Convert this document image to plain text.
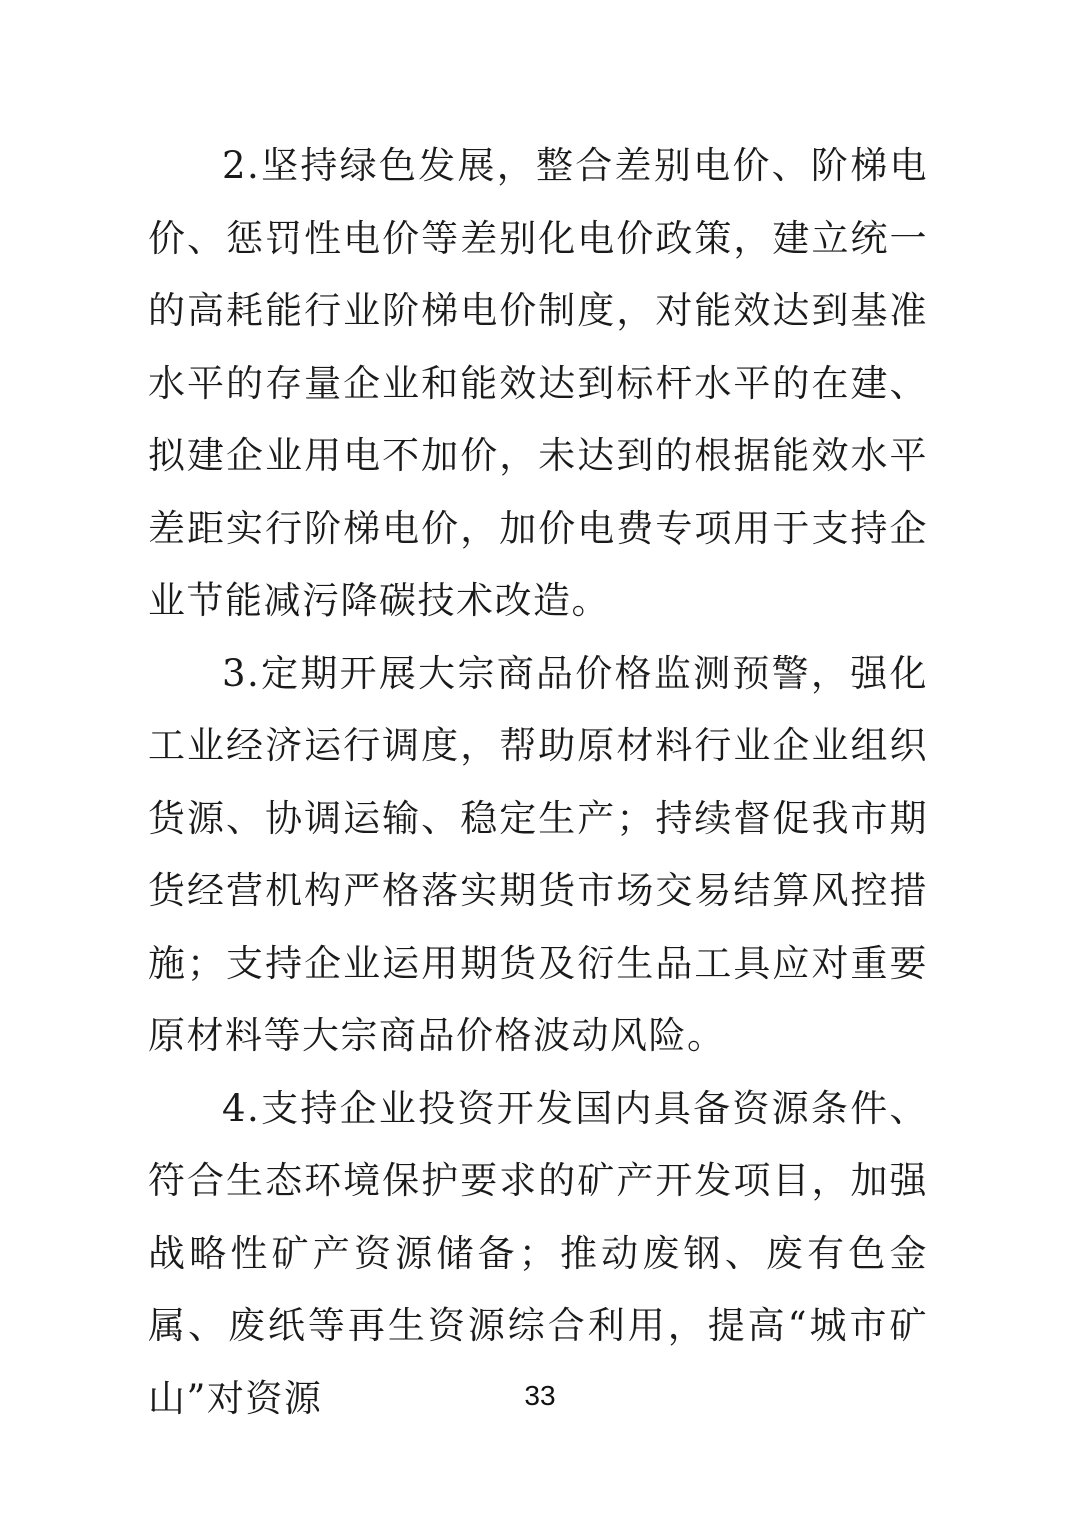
2.坚持绿色发展，整合差别电价、阶梯电价、惩罚性电价等差别化电价政策，建立统一的高耗能行业阶梯电价制度，对能效达到基准水平的存量企业和能效达到标杆水平的在建、拟建企业用电不加价，未达到的根据能效水平差距实行阶梯电价，加价电费专项用于支持企业节能减污降碳技术改造。

3.定期开展大宗商品价格监测预警，强化工业经济运行调度，帮助原材料行业企业组织货源、协调运输、稳定生产；持续督促我市期货经营机构严格落实期货市场交易结算风控措施；支持企业运用期货及衍生品工具应对重要原材料等大宗商品价格波动风险。

4.支持企业投资开发国内具备资源条件、符合生态环境保护要求的矿产开发项目，加强战略性矿产资源储备；推动废钢、废有色金属、废纸等再生资源综合利用，提高“城市矿山”对资源	33
